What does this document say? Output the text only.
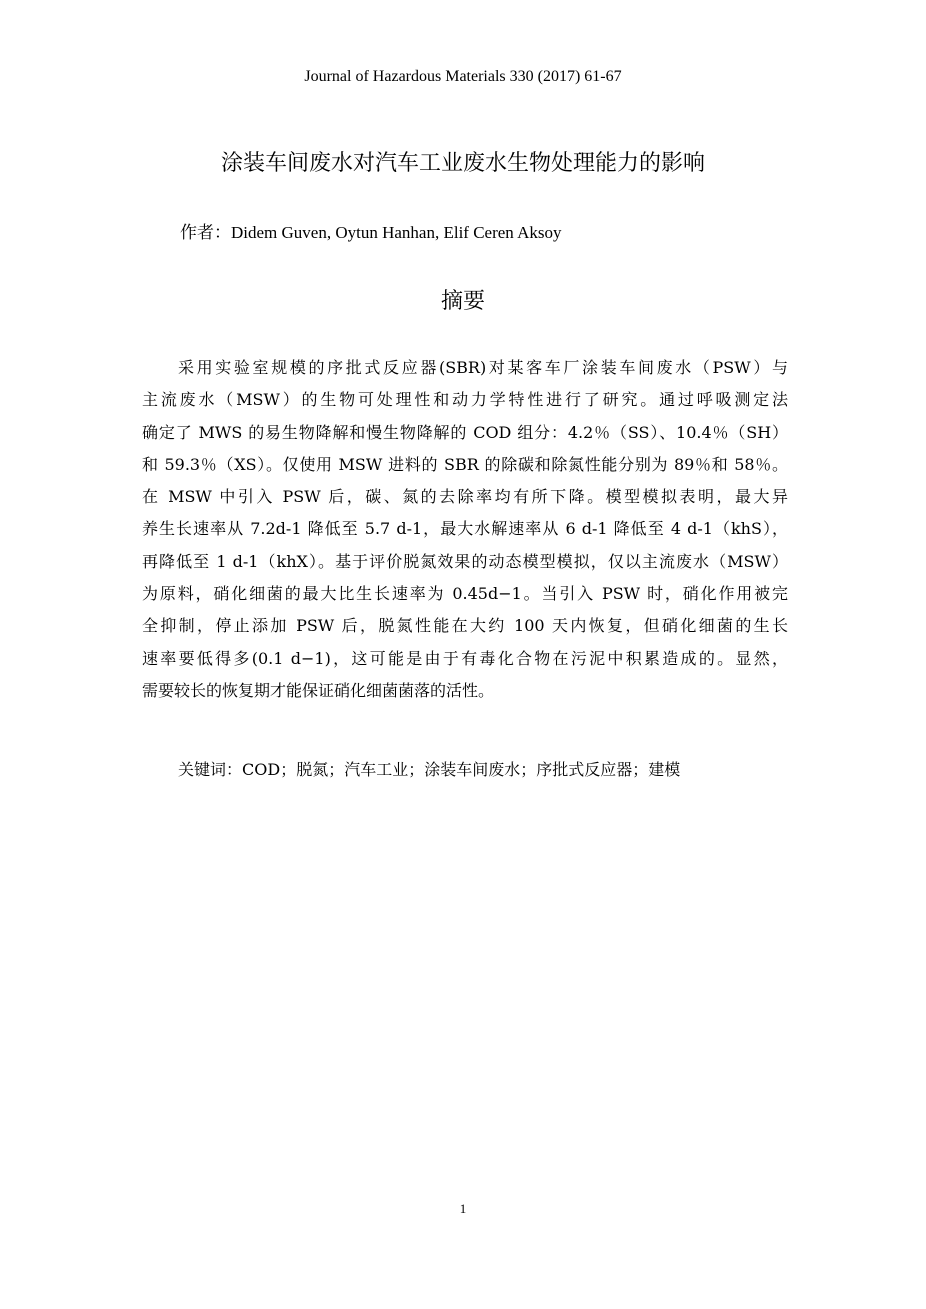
Journal of Hazardous Materials 330 (2017) 61-67
涂装车间废水对汽车工业废水生物处理能力的影响
作者：Didem Guven, Oytun Hanhan, Elif Ceren Aksoy
摘要
采用实验室规模的序批式反应器(SBR)对某客车厂涂装车间废水（PSW）与
主流废水（MSW）的生物可处理性和动力学特性进行了研究。通过呼吸测定法
确定了 MWS 的易生物降解和慢生物降解的 COD 组分：4.2％（SS）、10.4％（SH）
和 59.3％（XS）。仅使用 MSW 进料的 SBR 的除碳和除氮性能分别为 89％和 58％。
在 MSW 中引入 PSW 后，碳、氮的去除率均有所下降。模型模拟表明，最大异
养生长速率从 7.2d-1 降低至 5.7 d-1，最大水解速率从 6 d-1 降低至 4 d-1（khS），
再降低至 1 d-1（khX）。基于评价脱氮效果的动态模型模拟，仅以主流废水（MSW）
为原料，硝化细菌的最大比生长速率为 0.45d−1。当引入 PSW 时，硝化作用被完
全抑制，停止添加 PSW 后，脱氮性能在大约 100 天内恢复，但硝化细菌的生长
速率要低得多(0.1 d−1)，这可能是由于有毒化合物在污泥中积累造成的。显然，
需要较长的恢复期才能保证硝化细菌菌落的活性。
关键词：COD；脱氮；汽车工业；涂装车间废水；序批式反应器；建模
1
